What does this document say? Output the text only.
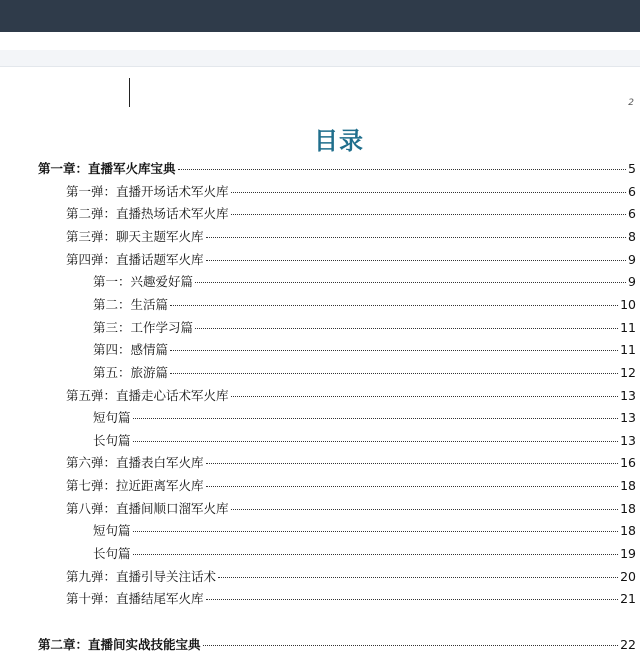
2
目录
第一章：直播军火库宝典	5
第一弹：直播开场话术军火库	6
第二弹：直播热场话术军火库	6
第三弹：聊天主题军火库	8
第四弹：直播话题军火库	9
第一：兴趣爱好篇	9
第二：生活篇	10
第三：工作学习篇	11
第四：感情篇	11
第五：旅游篇	12
第五弹：直播走心话术军火库	13
短句篇	13
长句篇	13
第六弹：直播表白军火库	16
第七弹：拉近距离军火库	18
第八弹：直播间顺口溜军火库	18
短句篇	18
长句篇	19
第九弹：直播引导关注话术	20
第十弹：直播结尾军火库	21
第二章：直播间实战技能宝典	22
